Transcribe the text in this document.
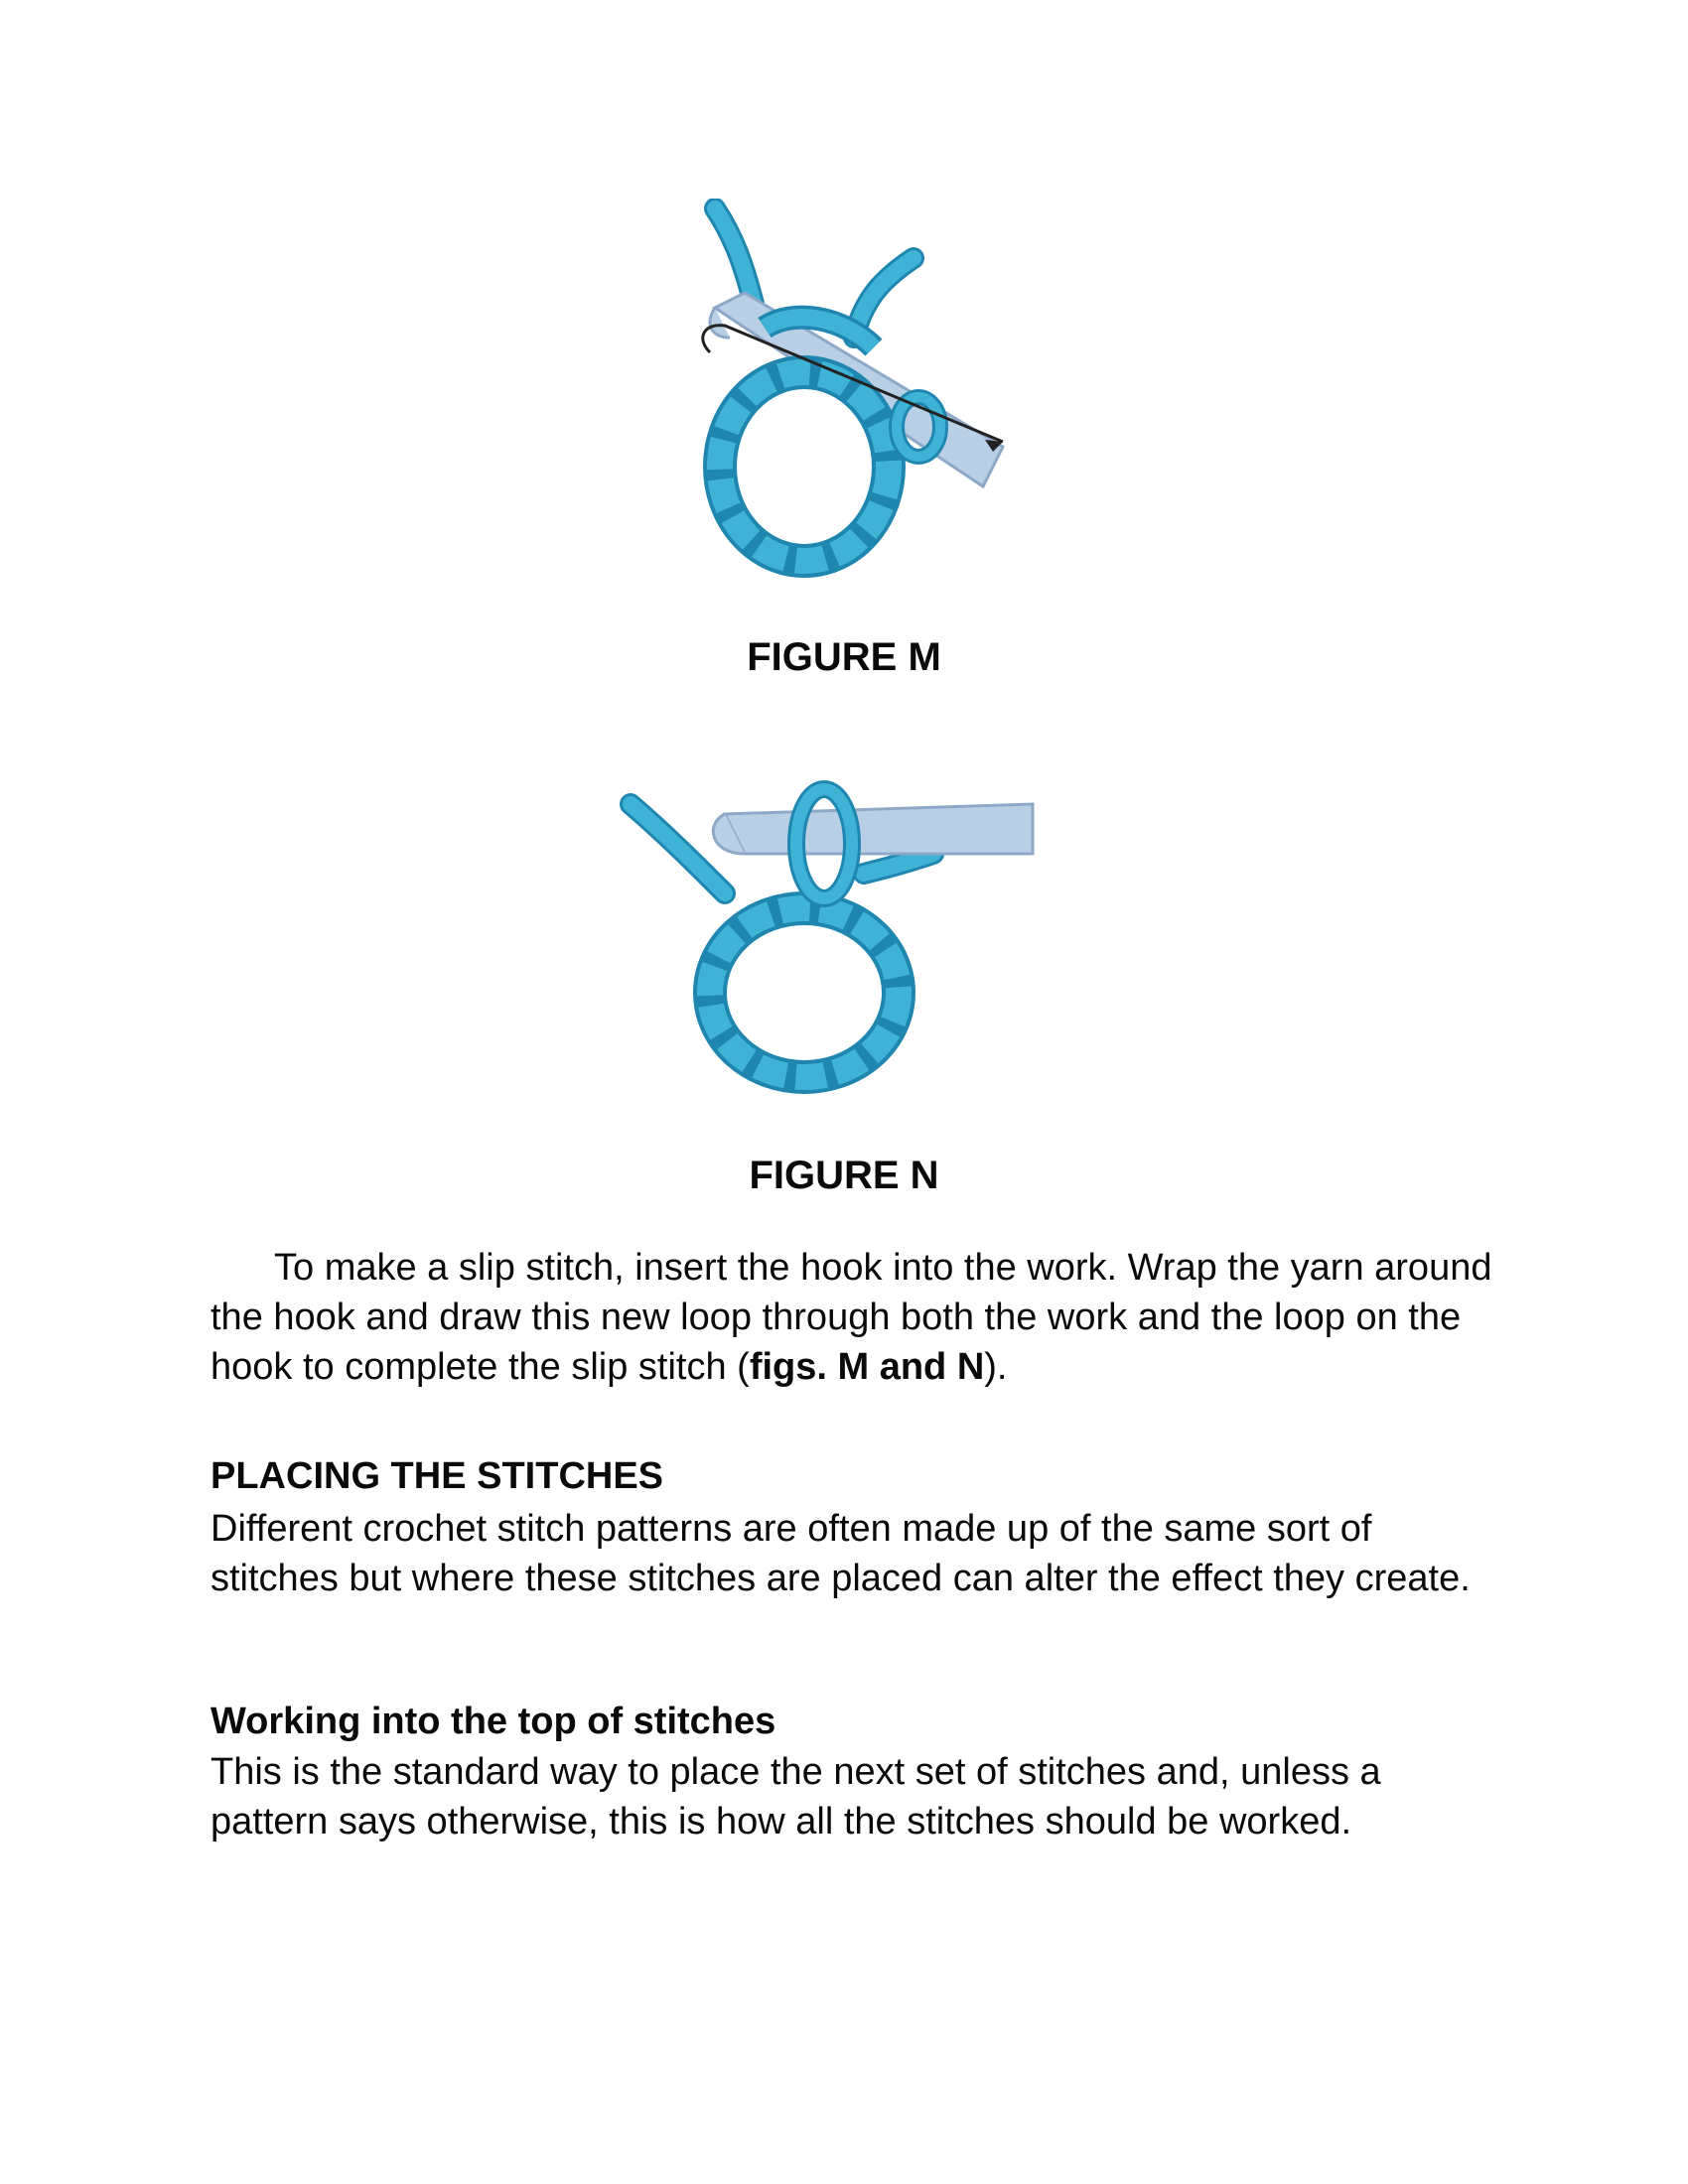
FIGURE M
FIGURE N

To make a slip stitch, insert the hook into the work. Wrap the yarn around the hook and draw this new loop through both the work and the loop on the hook to complete the slip stitch (figs. M and N).

PLACING THE STITCHES

Different crochet stitch patterns are often made up of the same sort of stitches but where these stitches are placed can alter the effect they create.

Working into the top of stitches

This is the standard way to place the next set of stitches and, unless a pattern says otherwise, this is how all the stitches should be worked.
